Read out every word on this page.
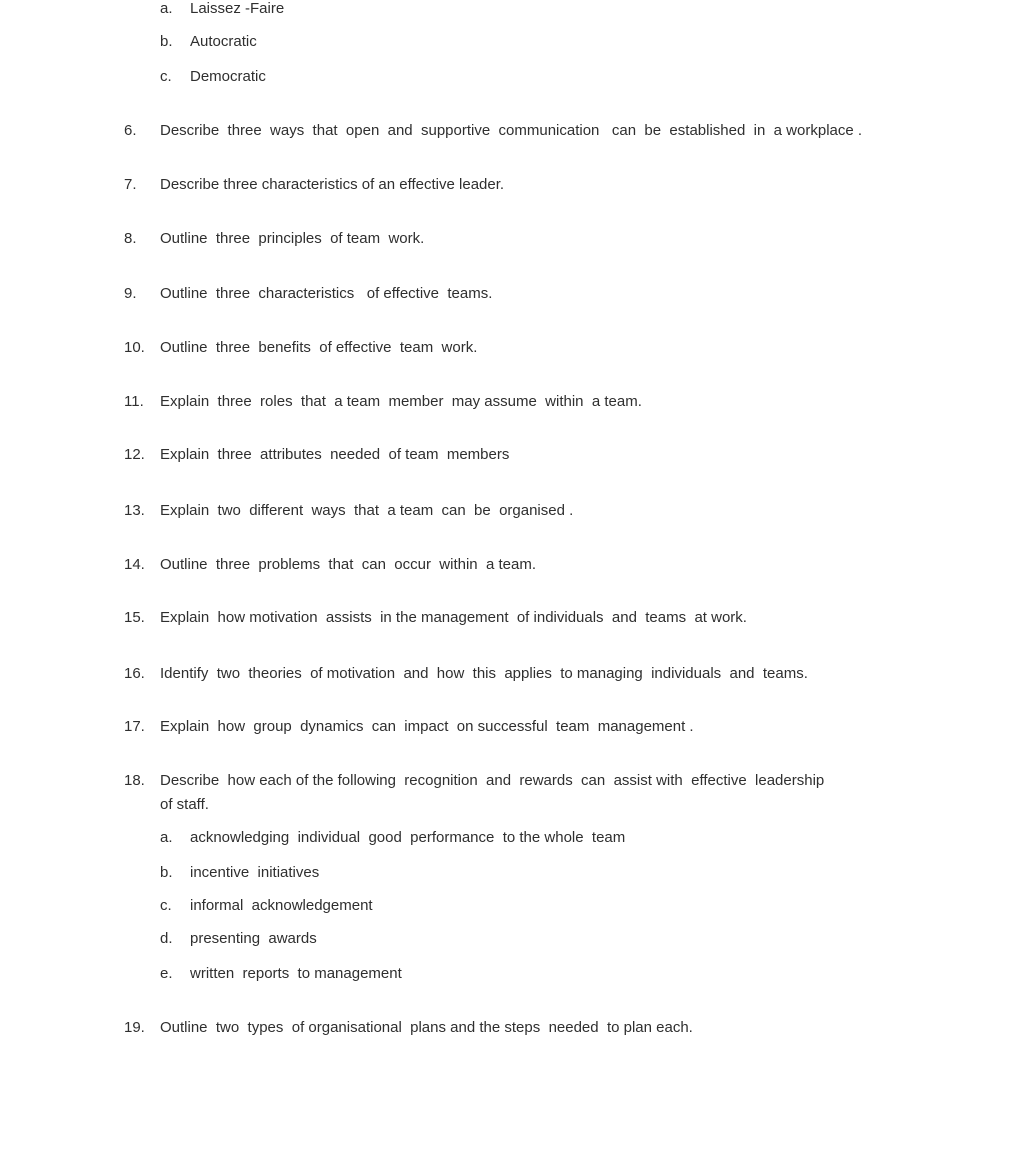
a. Laissez -Faire
b. Autocratic
c. Democratic
6. Describe  three  ways  that  open  and  supportive  communication   can  be  established  in  a workplace .
7. Describe three characteristics of an effective leader.
8. Outline  three  principles  of team  work.
9. Outline  three  characteristics   of effective  teams.
10. Outline  three  benefits  of effective  team  work.
11. Explain  three  roles  that  a team  member  may assume  within  a team.
12. Explain  three  attributes  needed  of team  members
13. Explain  two  different  ways  that  a team  can  be  organised .
14. Outline  three  problems  that  can  occur  within  a team.
15. Explain  how motivation  assists  in the management  of individuals  and  teams  at work.
16. Identify  two  theories  of motivation  and  how  this  applies  to managing  individuals  and  teams.
17. Explain  how  group  dynamics  can  impact  on successful  team  management .
18. Describe  how each of the following  recognition  and  rewards  can  assist with  effective  leadership
of staff.
a. acknowledging  individual  good  performance  to the whole  team
b. incentive  initiatives
c. informal  acknowledgement
d. presenting  awards
e. written  reports  to management
19. Outline  two  types  of organisational  plans and the steps  needed  to plan each.
